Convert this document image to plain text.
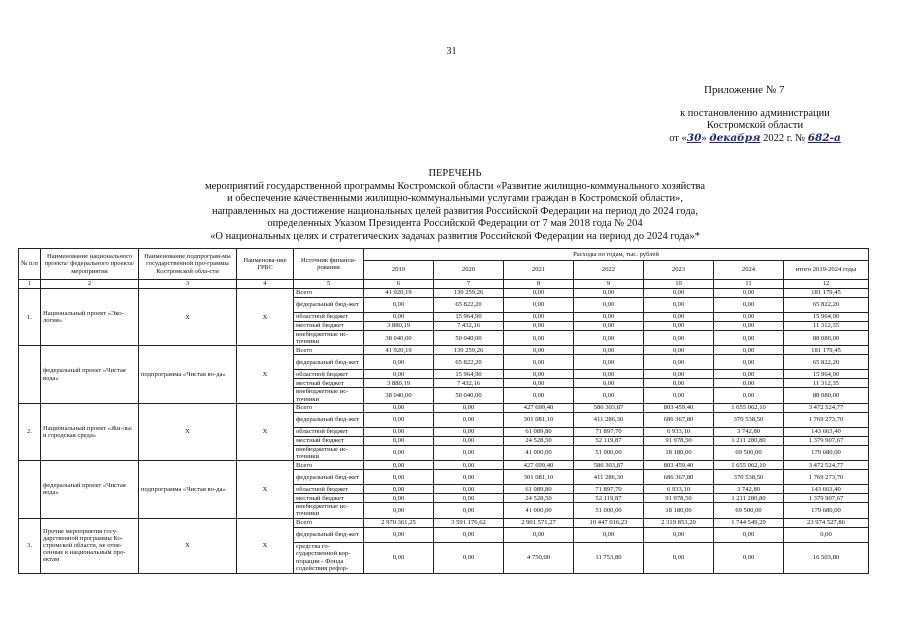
31
Приложение № 7
к постановлению администрации
Костромской области
от «30» декабря 2022 г. № 682-а
ПЕРЕЧЕНЬ
мероприятий государственной программы Костромской области «Развитие жилищно-коммунального хозяйства
и обеспечение качественными жилищно-коммунальными услугами граждан в Костромской области»,
направленных на достижение национальных целей развития Российской Федерации на период до 2024 года,
определенных Указом Президента Российской Федерации от 7 мая 2018 года № 204
«О национальных целях и стратегических задачах развития Российской Федерации на период до 2024 года»*
№ п/п	Наименование национального проекта/ федерального проекта/мероприятия	Наименование подпрограм-мы государственной про-граммы Костромской обла-сти	Наименова-ние ГРБС	Источник финанси-рования	Расходы по годам, тыс. рублей						
					2019	2020	2021	2022	2023	2024	итого 2019-2024 годы
1	2	3	4	5	6	7	8	9	10	11	12
1.	Национальный проект «Эко-логия»	Х	Х	Всего	41 920,19	139 259,26	0,00	0,00	0,00	0,00	181 179,45
				федеральный бюд-жет	0,00	65 822,20	0,00	0,00	0,00	0,00	65 822,20
				областной бюджет	0,00	15 964,90	0,00	0,00	0,00	0,00	15 964,90
				местный бюджет	3 880,19	7 432,16	0,00	0,00	0,00	0,00	11 312,35
				внебюджетные ис-точники	38 040,00	50 040,00	0,00	0,00	0,00	0,00	88 080,00
	федеральный проект «Чистая вода»	подпрограмма «Чистая во-да»	Х	Всего	41 920,19	139 259,26	0,00	0,00	0,00	0,00	181 179,45
				федеральный бюд-жет	0,00	65 822,20	0,00	0,00	0,00	0,00	65 822,20
				областной бюджет	0,00	15 964,90	0,00	0,00	0,00	0,00	15 964,90
				местный бюджет	3 880,19	7 432,16	0,00	0,00	0,00	0,00	11 312,35
				внебюджетные ис-точники	38 040,00	50 040,00	0,00	0,00	0,00	0,00	88 080,00
2.	Национальный проект «Жи-лье и городская среда»	Х	Х	Всего	0,00	0,00	427 699,40	586 303,87	803 459,40	1 655 062,10	3 472 524,77
				федеральный бюд-жет	0,00	0,00	301 081,10	411 286,30	686 367,80	370 538,50	1 769 273,70
				областной бюджет	0,00	0,00	61 089,80	71 897,70	6 933,10	3 742,80	143 663,40
				местный бюджет	0,00	0,00	24 528,50	52 119,87	91 978,50	1 211 280,80	1 379 907,67
				внебюджетные ис-точники	0,00	0,00	41 000,00	51 000,00	18 180,00	69 500,00	179 680,00
	федеральный проект «Чистая вода»	подпрограмма «Чистая во-да»	Х	Всего	0,00	0,00	427 699,40	586 303,87	803 459,40	1 655 062,10	3 472 524,77
				федеральный бюд-жет	0,00	0,00	301 081,10	411 286,30	686 367,80	370 538,50	1 769 273,70
				областной бюджет	0,00	0,00	61 089,80	71 897,70	6 933,10	3 742,80	143 663,40
				местный бюджет	0,00	0,00	24 528,50	52 119,87	91 978,50	1 211 280,80	1 379 907,67
				внебюджетные ис-точники	0,00	0,00	41 000,00	51 000,00	18 180,00	69 500,00	179 680,00
3.	Прочие мероприятия госу-дарственной программы Ко-стромской области, не отне-сенные к национальным про-ектам	Х	Х	Всего	2 970 361,25	3 591 176,62	2 901 571,27	10 447 016,23	2 319 853,20	1 744 549,29	23 974 527,86
				федеральный бюд-жет	0,00	0,00	0,00	0,00	0,00	0,00	0,00
				средства го-сударственной кор-порации - Фонда содействия рефор-	0,00	0,00	4 750,00	11 753,80	0,00	0,00	16 503,80
